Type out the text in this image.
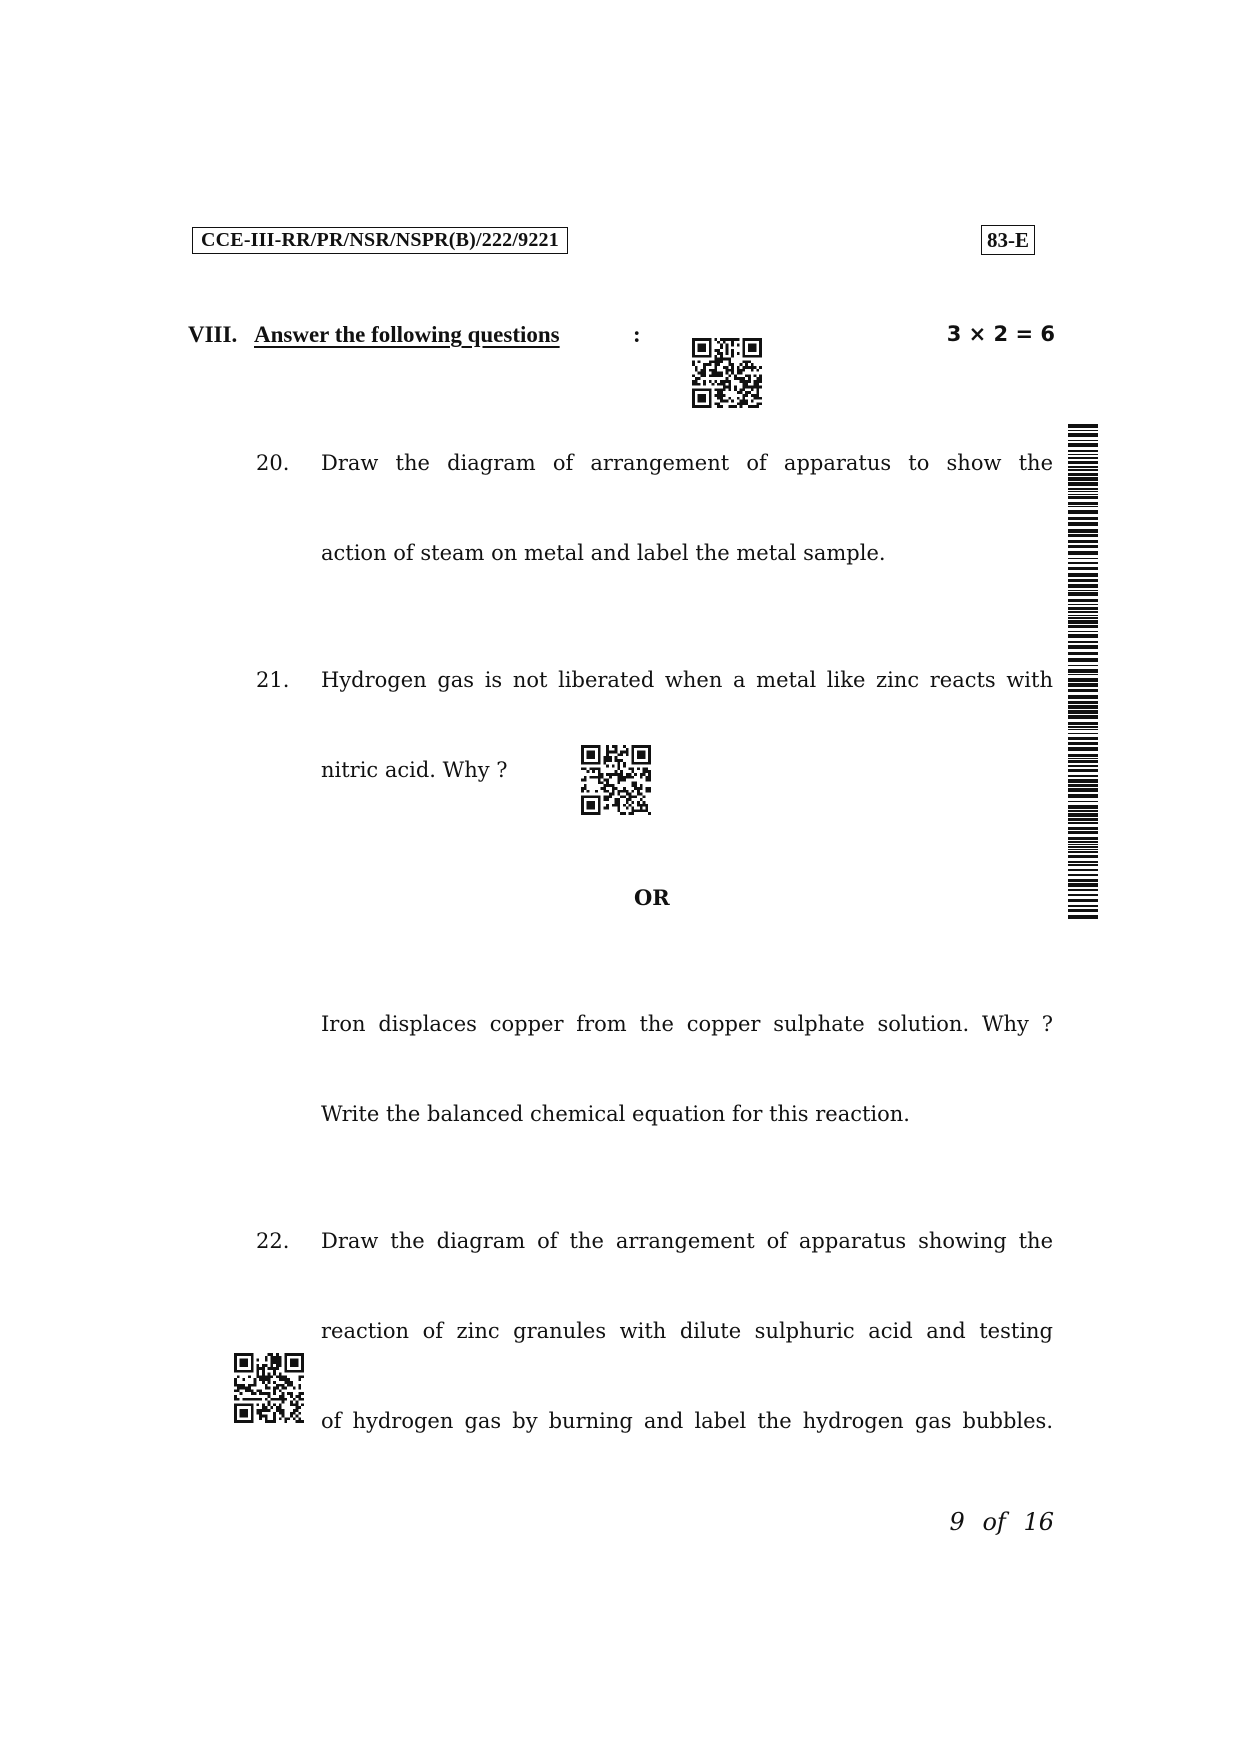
CCE-III-RR/PR/NSR/NSPR(B)/222/9221	83-E
VIII. Answer the following questions	:	3 × 2 = 6
20. Draw the diagram of arrangement of apparatus to show the
action of steam on metal and label the metal sample.
21. Hydrogen gas is not liberated when a metal like zinc reacts with
nitric acid. Why ?
OR
Iron displaces copper from the copper sulphate solution. Why ?
Write the balanced chemical equation for this reaction.
22. Draw the diagram of the arrangement of apparatus showing the
reaction of zinc granules with dilute sulphuric acid and testing
of hydrogen gas by burning and label the hydrogen gas bubbles.
9 of 16
